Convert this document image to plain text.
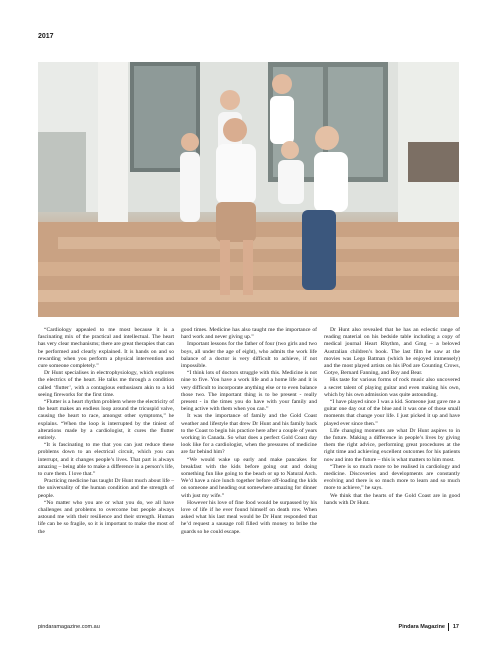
2017

“Cardiology appealed to me most because it is a fascinating mix of the practical and intellectual. The heart has very clear mechanisms; there are great therapies that can be performed and clearly explained. It is hands on and so rewarding when you perform a physical intervention and cure someone completely.”

Dr Hunt specialises in electrophysiology, which explores the electrics of the heart. He talks me through a condition called ‘flutter’, with a contagious enthusiasm akin to a kid seeing fireworks for the first time.

“Flutter is a heart rhythm problem where the electricity of the heart makes an endless loop around the tricuspid valve, causing the heart to race, amongst other symptoms,” he explains. “When the loop is interrupted by the tiniest of alterations made by a cardiologist, it cures the flutter entirely.

“It is fascinating to me that you can just reduce these problems down to an electrical circuit, which you can interrupt, and it changes people’s lives. That part is always amazing – being able to make a difference in a person’s life, to cure them. I love that.”

Practicing medicine has taught Dr Hunt much about life – the universality of the human condition and the strength of people.

“No matter who you are or what you do, we all have challenges and problems to overcome but people always astound me with their resilience and their strength. Human life can be so fragile, so it is important to make the most of the

good times. Medicine has also taught me the importance of hard work and never giving up.”

Important lessons for the father of four (two girls and two boys, all under the age of eight), who admits the work life balance of a doctor is very difficult to achieve, if not impossible.

“I think lots of doctors struggle with this. Medicine is not nine to five. You have a work life and a home life and it is very difficult to incorporate anything else or to even balance those two. The important thing is to be present - really present - in the times you do have with your family and being active with them when you can.”

It was the importance of family and the Gold Coast weather and lifestyle that drew Dr Hunt and his family back to the Coast to begin his practice here after a couple of years working in Canada. So what does a perfect Gold Coast day look like for a cardiologist, when the pressures of medicine are far behind him?

“We would wake up early and make pancakes for breakfast with the kids before going out and doing something fun like going to the beach or up to Natural Arch. We’d have a nice lunch together before off-loading the kids on someone and heading out somewhere amazing for dinner with just my wife.”

However his love of fine food would be surpassed by his love of life if he ever found himself on death row. When asked what his last meal would be Dr Hunt responded that he’d request a sausage roll filled with money to bribe the guards so he could escape.

Dr Hunt also revealed that he has an eclectic range of reading material on his bedside table including a copy of medical journal Heart Rhythm, and Gmg – a beloved Australian children’s book. The last film he saw at the movies was Lego Batman (which he enjoyed immensely) and the most played artists on his iPod are Counting Crows, Gotye, Bernard Fanning, and Boy and Bear.

His taste for various forms of rock music also uncovered a secret talent of playing guitar and even making his own, which by his own admission was quite astounding.

“I have played since I was a kid. Someone just gave me a guitar one day out of the blue and it was one of those small moments that change your life. I just picked it up and have played ever since then.”

Life changing moments are what Dr Hunt aspires to in the future. Making a difference in people’s lives by giving them the right advice, performing great procedures at the right time and achieving excellent outcomes for his patients now and into the future – this is what matters to him most.

“There is so much more to be realised in cardiology and medicine. Discoveries and developments are constantly evolving and there is so much more to learn and so much more to achieve,” he says.

We think that the hearts of the Gold Coast are in good hands with Dr Hunt.

pindaramagazine.com.au	Pindara Magazine 17
